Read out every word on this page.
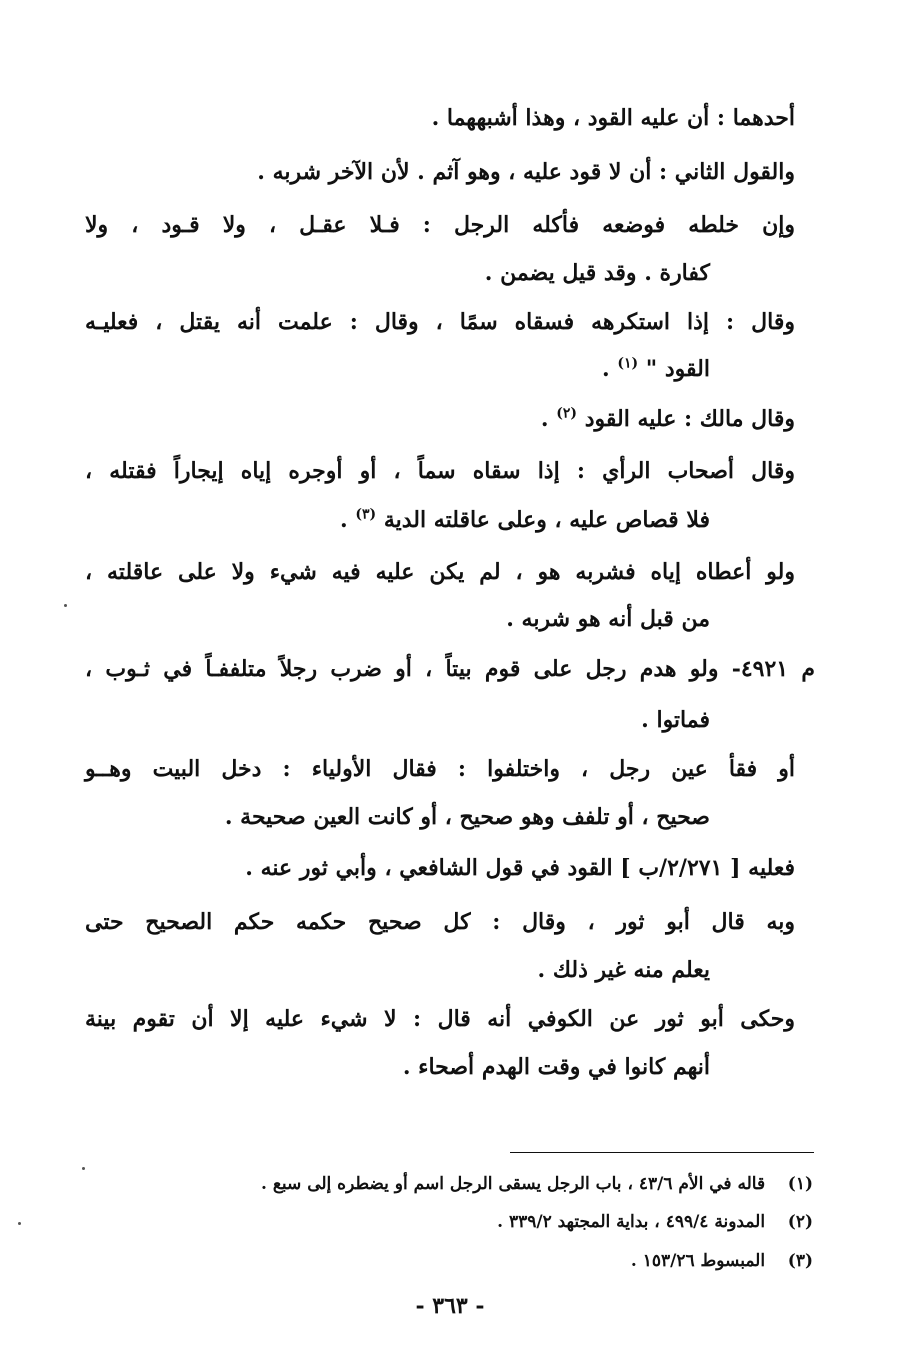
أحدهما : أن عليه القود ، وهذا أشبههما .
والقول الثاني : أن لا قود عليه ، وهو آثم . لأن الآخر شربه .
وإن خلطه فوضعه فأكله الرجل : فـلا عقـل ، ولا قـود ، ولا
كفارة . وقد قيل يضمن .
وقال : إذا استكرهه فسقاه سمًا ، وقال : علمت أنه يقتل ، فعليـه
القود " $^{(١)}$ .
وقال مالك : عليه القود $^{(٢)}$ .
وقال أصحاب الرأي : إذا سقاه سماً ، أو أوجره إياه إيجاراً فقتله ،
فلا قصاص عليه ، وعلى عاقلته الدية $^{(٣)}$ .
ولو أعطاه إياه فشربه هو ، لم يكن عليه فيه شيء ولا على عاقلته ،
من قبل أنه هو شربه .
م ٤٩٢١- ولو هدم رجل على قوم بيتاً ، أو ضرب رجلاً متلففـاً في ثـوب ،
فماتوا .
أو فقأ عين رجل ، واختلفوا : فقال الأولياء : دخل البيت وهــو
صحيح ، أو تلفف وهو صحيح ، أو كانت العين صحيحة .
فعليه [ ٢/٢٧١/ب ] القود في قول الشافعي ، وأبي ثور عنه .
وبه قال أبو ثور ، وقال : كل صحيح حكمه حكم الصحيح حتى
يعلم منه غير ذلك .
وحكى أبو ثور عن الكوفي أنه قال : لا شيء عليه إلا أن تقوم بينة
أنهم كانوا في وقت الهدم أصحاء .
(١) قاله في الأم ٤٣/٦ ، باب الرجل يسقى الرجل اسم أو يضطره إلى سبع .
(٢) المدونة ٤٩٩/٤ ، بداية المجتهد ٣٣٩/٢ .
(٣) المبسوط ١٥٣/٢٦ .
- ٣٦٣ -
